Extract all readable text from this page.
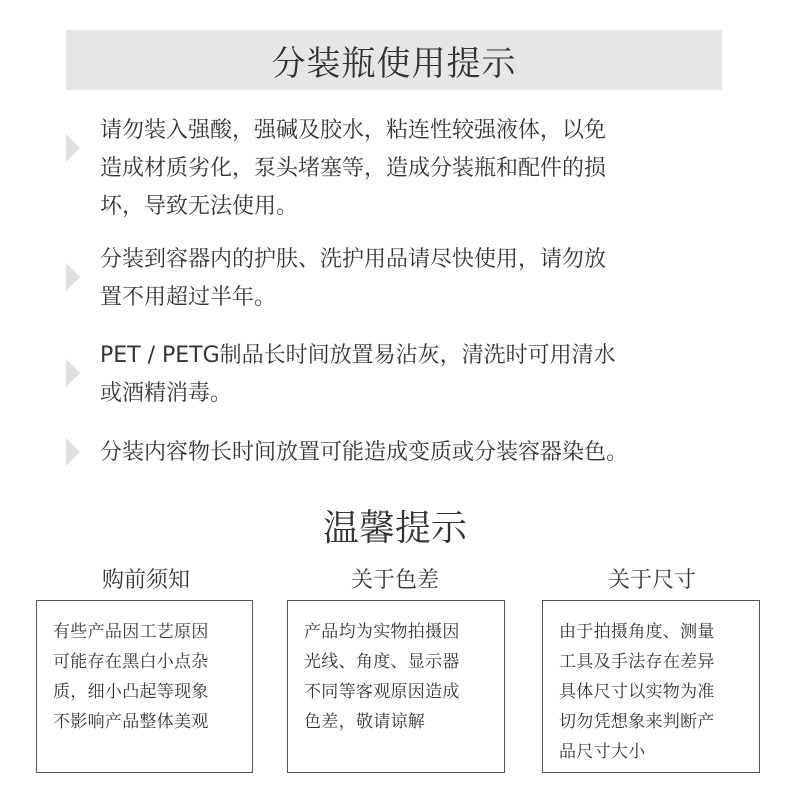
分装瓶使用提示
请勿装入强酸，强碱及胶水，粘连性较强液体，以免
造成材质劣化，泵头堵塞等，造成分装瓶和配件的损
坏，导致无法使用。
分装到容器内的护肤、洗护用品请尽快使用，请勿放
置不用超过半年。
PET / PETG制品长时间放置易沾灰，清洗时可用清水
或酒精消毒。
分装内容物长时间放置可能造成变质或分装容器染色。
温馨提示
购前须知	关于色差	关于尺寸

有些产品因工艺原因

可能存在黑白小点杂

质，细小凸起等现象

不影响产品整体美观

产品均为实物拍摄因

光线、角度、显示器

不同等客观原因造成

色差，敬请谅解

由于拍摄角度、测量

工具及手法存在差异

具体尺寸以实物为准

切勿凭想象来判断产

品尺寸大小
